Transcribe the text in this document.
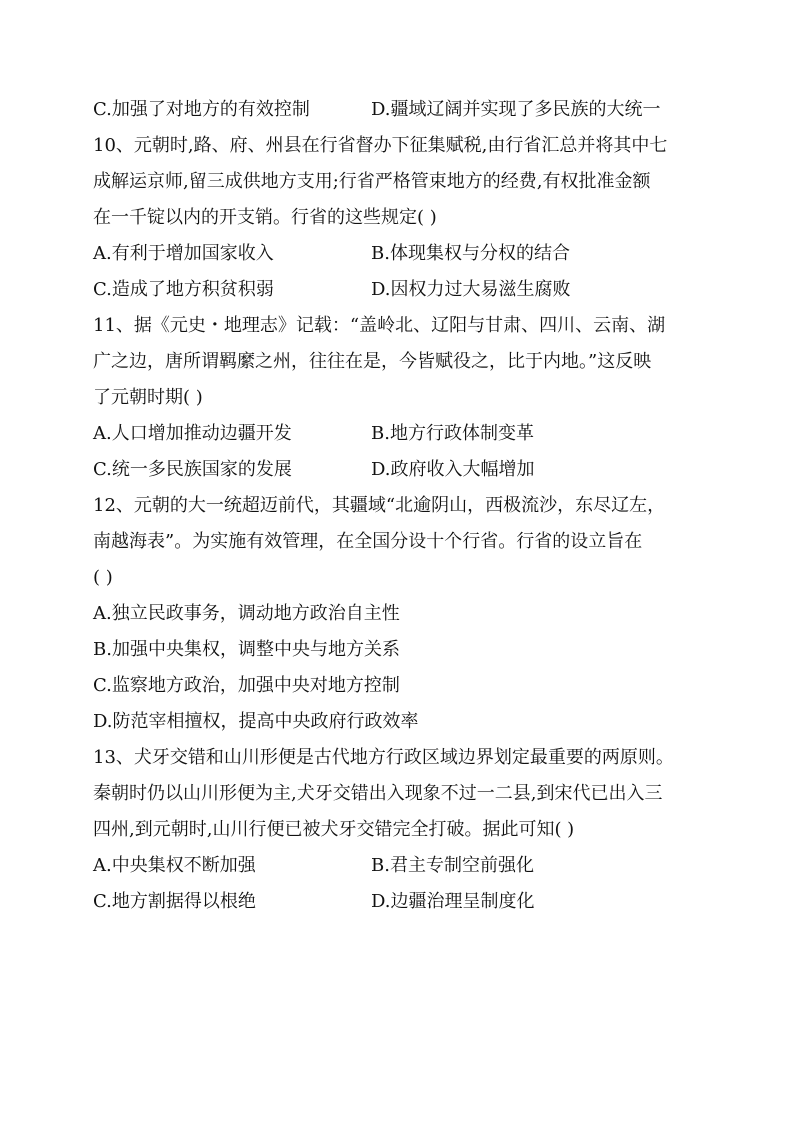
C.加强了对地方的有效控制	D.疆域辽阔并实现了多民族的大统一
10、元朝时,路、府、州县在行省督办下征集赋税,由行省汇总并将其中七
成解运京师,留三成供地方支用;行省严格管束地方的经费,有权批准金额
在一千锭以内的开支销。行省的这些规定( )
A.有利于增加国家收入	B.体现集权与分权的结合
C.造成了地方积贫积弱	D.因权力过大易滋生腐败
11、据《元史・地理志》记载：“盖岭北、辽阳与甘肃、四川、云南、湖
广之边，唐所谓羁縻之州，往往在是，今皆赋役之，比于内地。”这反映
了元朝时期( )
A.人口增加推动边疆开发	B.地方行政体制变革
C.统一多民族国家的发展	D.政府收入大幅增加
12、元朝的大一统超迈前代，其疆域“北逾阴山，西极流沙，东尽辽左，
南越海表”。为实施有效管理，在全国分设十个行省。行省的设立旨在
( )
A.独立民政事务，调动地方政治自主性
B.加强中央集权，调整中央与地方关系
C.监察地方政治，加强中央对地方控制
D.防范宰相擅权，提高中央政府行政效率
13、犬牙交错和山川形便是古代地方行政区域边界划定最重要的两原则。
秦朝时仍以山川形便为主,犬牙交错出入现象不过一二县,到宋代已出入三
四州,到元朝时,山川行便已被犬牙交错完全打破。据此可知( )
A.中央集权不断加强	B.君主专制空前强化
C.地方割据得以根绝	D.边疆治理呈制度化
